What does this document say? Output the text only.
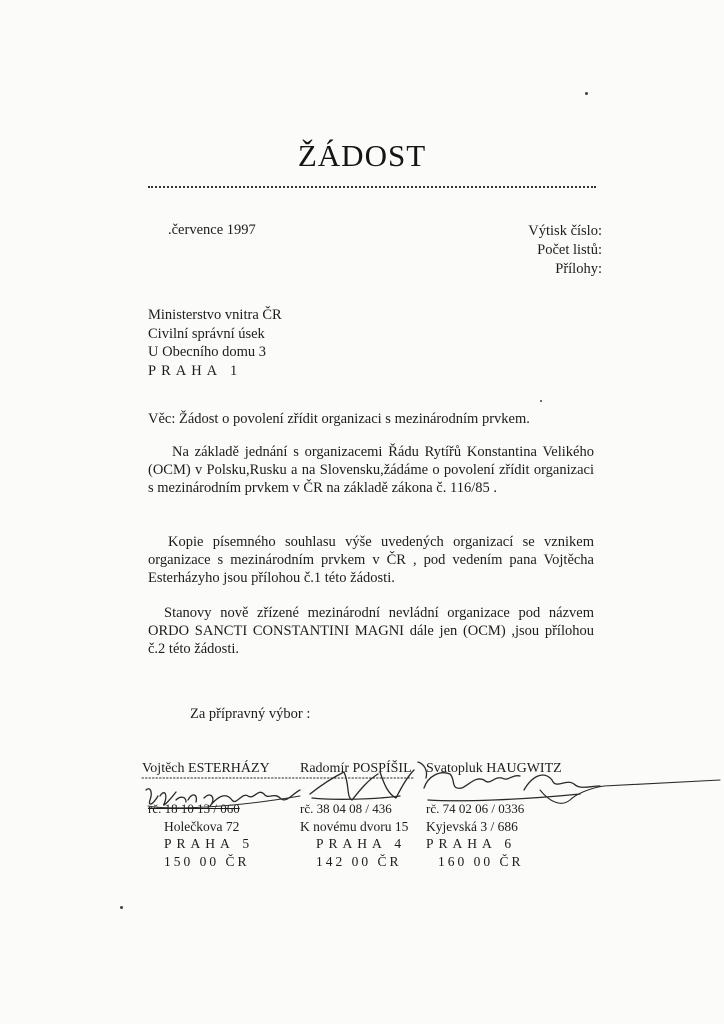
ŽÁDOST
.července 1997	Výtisk číslo:
Počet listů:
Přílohy:
Ministerstvo vnitra ČR
Civilní správní úsek
U Obecního domu 3
PRAHA 1
Věc: Žádost o povolení zřídit organizaci s mezinárodním prvkem.
Na základě jednání s organizacemi Řádu Rytířů Konstantina Velikého (OCM) v Polsku,Rusku a na Slovensku,žádáme o povolení zřídit organizaci s mezinárodním prvkem v ČR na základě zákona č. 116/85 .
Kopie písemného souhlasu výše uvedených organizací se vznikem organizace s mezinárodním prvkem v ČR , pod vedením pana Vojtěcha Esterházyho jsou přílohou č.1 této žádosti.
Stanovy nově zřízené mezinárodní nevládní organizace pod názvem ORDO SANCTI CONSTANTINI MAGNI dále jen (OCM) ,jsou přílohou č.2 této žádosti.
Za přípravný výbor :
Vojtěch ESTERHÁZY
rč. 18 10 13 / 060
Holečkova 72
PRAHA 5
150 00 ČR
Radomír POSPÍŠIL
rč. 38 04 08 / 436
K novému dvoru 15
PRAHA 4
142 00 ČR
Svatopluk HAUGWITZ
rč. 74 02 06 / 0336
Kyjevská 3 / 686
PRAHA 6
160 00 ČR
